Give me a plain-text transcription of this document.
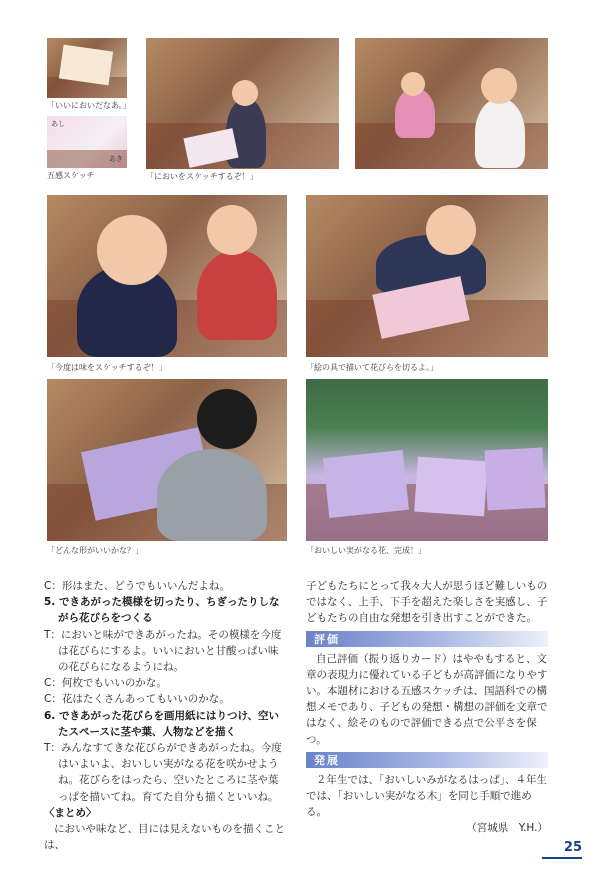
「いいにおいだなあ。」
あし
あき
五感スケッチ	「においをスケッチするぞ！」
「今度は味をスケッチするぞ！」	「絵の具で描いて花びらを切るよ。」
「どんな形がいいかな？」	「おいしい実がなる花、完成！」

C：形はまた、どうでもいいんだよね。

5. できあがった模様を切ったり、ちぎったりしながら花びらをつくる

T：においと味ができあがったね。その模様を今度は花びらにするよ。いいにおいと甘酸っぱい味の花びらになるようにね。

C：何枚でもいいのかな。

C：花はたくさんあってもいいのかな。

6. できあがった花びらを画用紙にはりつけ、空いたスペースに茎や葉、人物などを描く

T：みんなすてきな花びらができあがったね。今度はいよいよ、おいしい実がなる花を咲かせようね。花びらをはったら、空いたところに茎や葉っぱを描いてね。育てた自分も描くといいね。

〈まとめ〉

においや味など、目には見えないものを描くことは、

子どもたちにとって我々大人が思うほど難しいものではなく、上手、下手を超えた楽しさを実感し、子どもたちの自由な発想を引き出すことができた。

評価

自己評価（振り返りカード）はややもすると、文章の表現力に優れている子どもが高評価になりやすい。本題材における五感スケッチは、国語科での構想メモであり、子どもの発想・構想の評価を文章ではなく、絵そのもので評価できる点で公平さを保つ。

発展

２年生では、「おいしいみがなるはっぱ」、４年生では、「おいしい実がなる木」を同じ手順で進める。

（宮城県　Y.H.）

25
